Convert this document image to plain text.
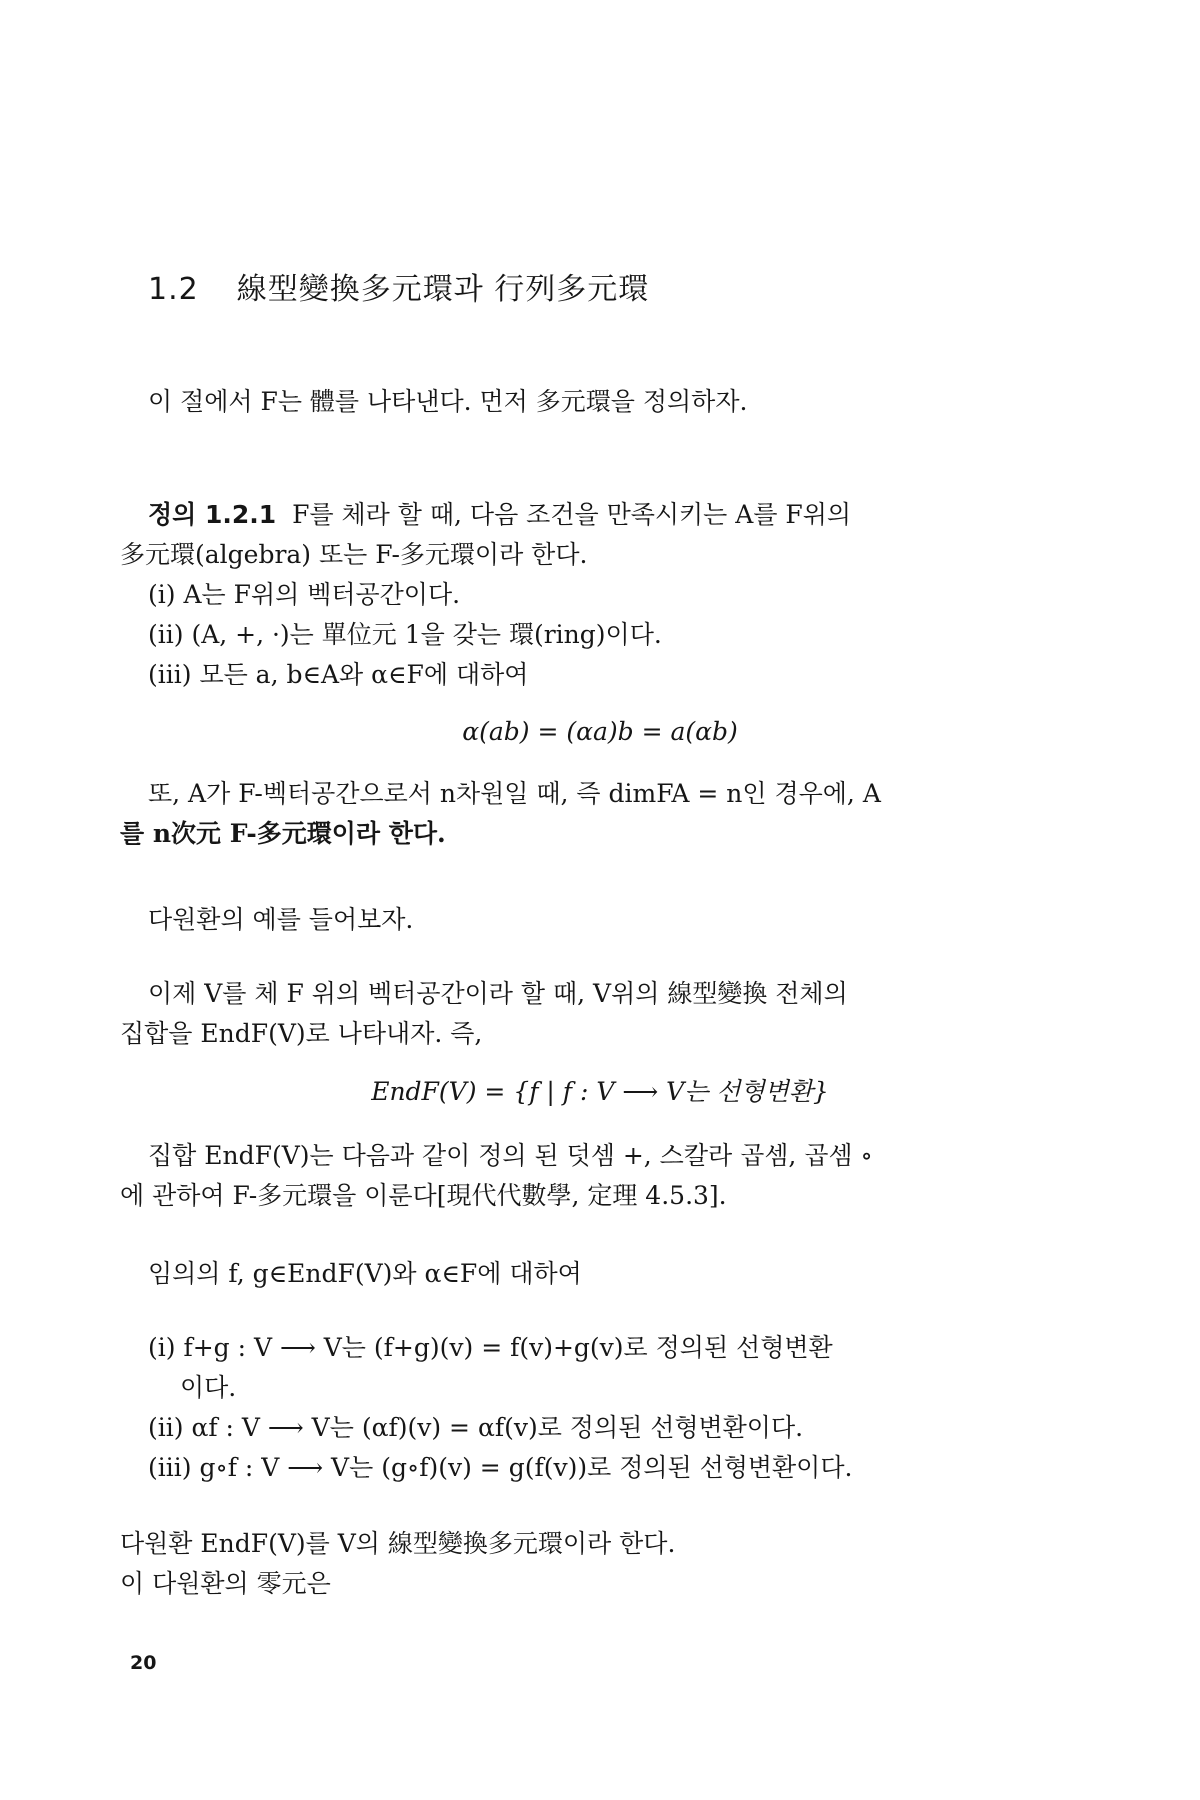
1.2 線型變換多元環과 行列多元環
이 절에서 F는 體를 나타낸다. 먼저 多元環을 정의하자.
정의 1.2.1 F를 체라 할 때, 다음 조건을 만족시키는 A를 F위의
多元環(algebra) 또는 F-多元環이라 한다.
(i) A는 F위의 벡터공간이다.
(ii) (A, +, ·)는 單位元 1을 갖는 環(ring)이다.
(iii) 모든 a, b∈A와 α∈F에 대하여
α(ab) = (αa)b = a(αb)
또, A가 F-벡터공간으로서 n차원일 때, 즉 dimFA = n인 경우에, A
를 n次元 F-多元環이라 한다.
다원환의 예를 들어보자.
이제 V를 체 F 위의 벡터공간이라 할 때, V위의 線型變換 전체의
집합을 EndF(V)로 나타내자. 즉,
EndF(V) = {f | f : V ⟶ V는 선형변환}
집합 EndF(V)는 다음과 같이 정의 된 덧셈 +, 스칼라 곱셈, 곱셈 ∘
에 관하여 F-多元環을 이룬다[現代代數學, 定理 4.5.3].
임의의 f, g∈EndF(V)와 α∈F에 대하여
(i) f+g : V ⟶ V는 (f+g)(v) = f(v)+g(v)로 정의된 선형변환
이다.
(ii) αf : V ⟶ V는 (αf)(v) = αf(v)로 정의된 선형변환이다.
(iii) g∘f : V ⟶ V는 (g∘f)(v) = g(f(v))로 정의된 선형변환이다.
다원환 EndF(V)를 V의 線型變換多元環이라 한다.
이 다원환의 零元은
20
